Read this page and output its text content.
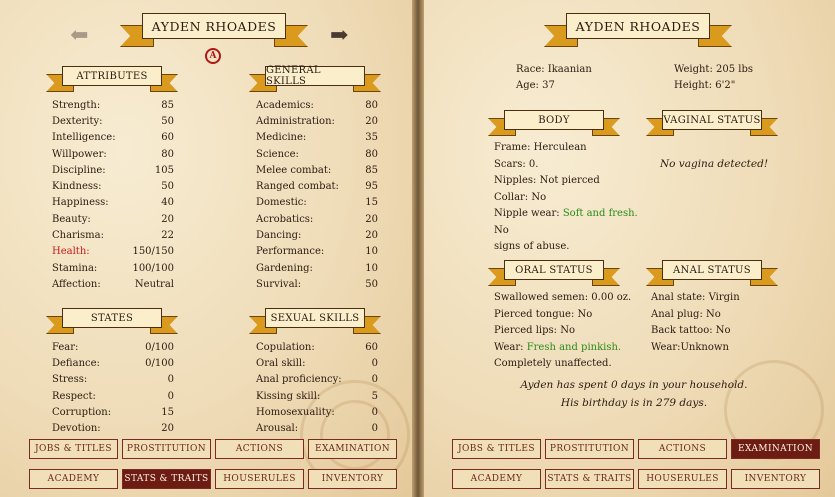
AYDEN RHOADES
⬅	➡
A
ATTRIBUTES
Strength:	85
Dexterity:	50
Intelligence:	60
Willpower:	80
Discipline:	105
Kindness:	50
Happiness:	40
Beauty:	20
Charisma:	22
Health:	150/150
Stamina:	100/100
Affection:	Neutral
GENERAL SKILLS
Academics:	80
Administration:	20
Medicine:	35
Science:	80
Melee combat:	85
Ranged combat:	95
Domestic:	15
Acrobatics:	20
Dancing:	20
Performance:	10
Gardening:	10
Survival:	50
STATES
Fear:	0/100
Defiance:	0/100
Stress:	0
Respect:	0
Corruption:	15
Devotion:	20
SEXUAL SKILLS
Copulation:	60
Oral skill:	0
Anal proficiency:	0
Kissing skill:	5
Homosexuality:	0
Arousal:	0
JOBS & TITLES	PROSTITUTION	ACTIONS	EXAMINATION
ACADEMY	STATS & TRAITS	HOUSERULES	INVENTORY
AYDEN RHOADES
Race: Ikaanian
Age: 37
Weight: 205 lbs
Height: 6'2"
BODY
Frame: Herculean
Scars: 0.
Nipples: Not pierced
Collar: No
Nipple wear: Soft and fresh. No
signs of abuse.
VAGINAL STATUS
No vagina detected!
ORAL STATUS
Swallowed semen: 0.00 oz.
Pierced tongue: No
Pierced lips: No
Wear: Fresh and pinkish.
Completely unaffected.
ANAL STATUS
Anal state: Virgin
Anal plug: No
Back tattoo: No
Wear:Unknown
Ayden has spent 0 days in your household.
His birthday is in 279 days.
JOBS & TITLES	PROSTITUTION	ACTIONS	EXAMINATION
ACADEMY	STATS & TRAITS	HOUSERULES	INVENTORY
